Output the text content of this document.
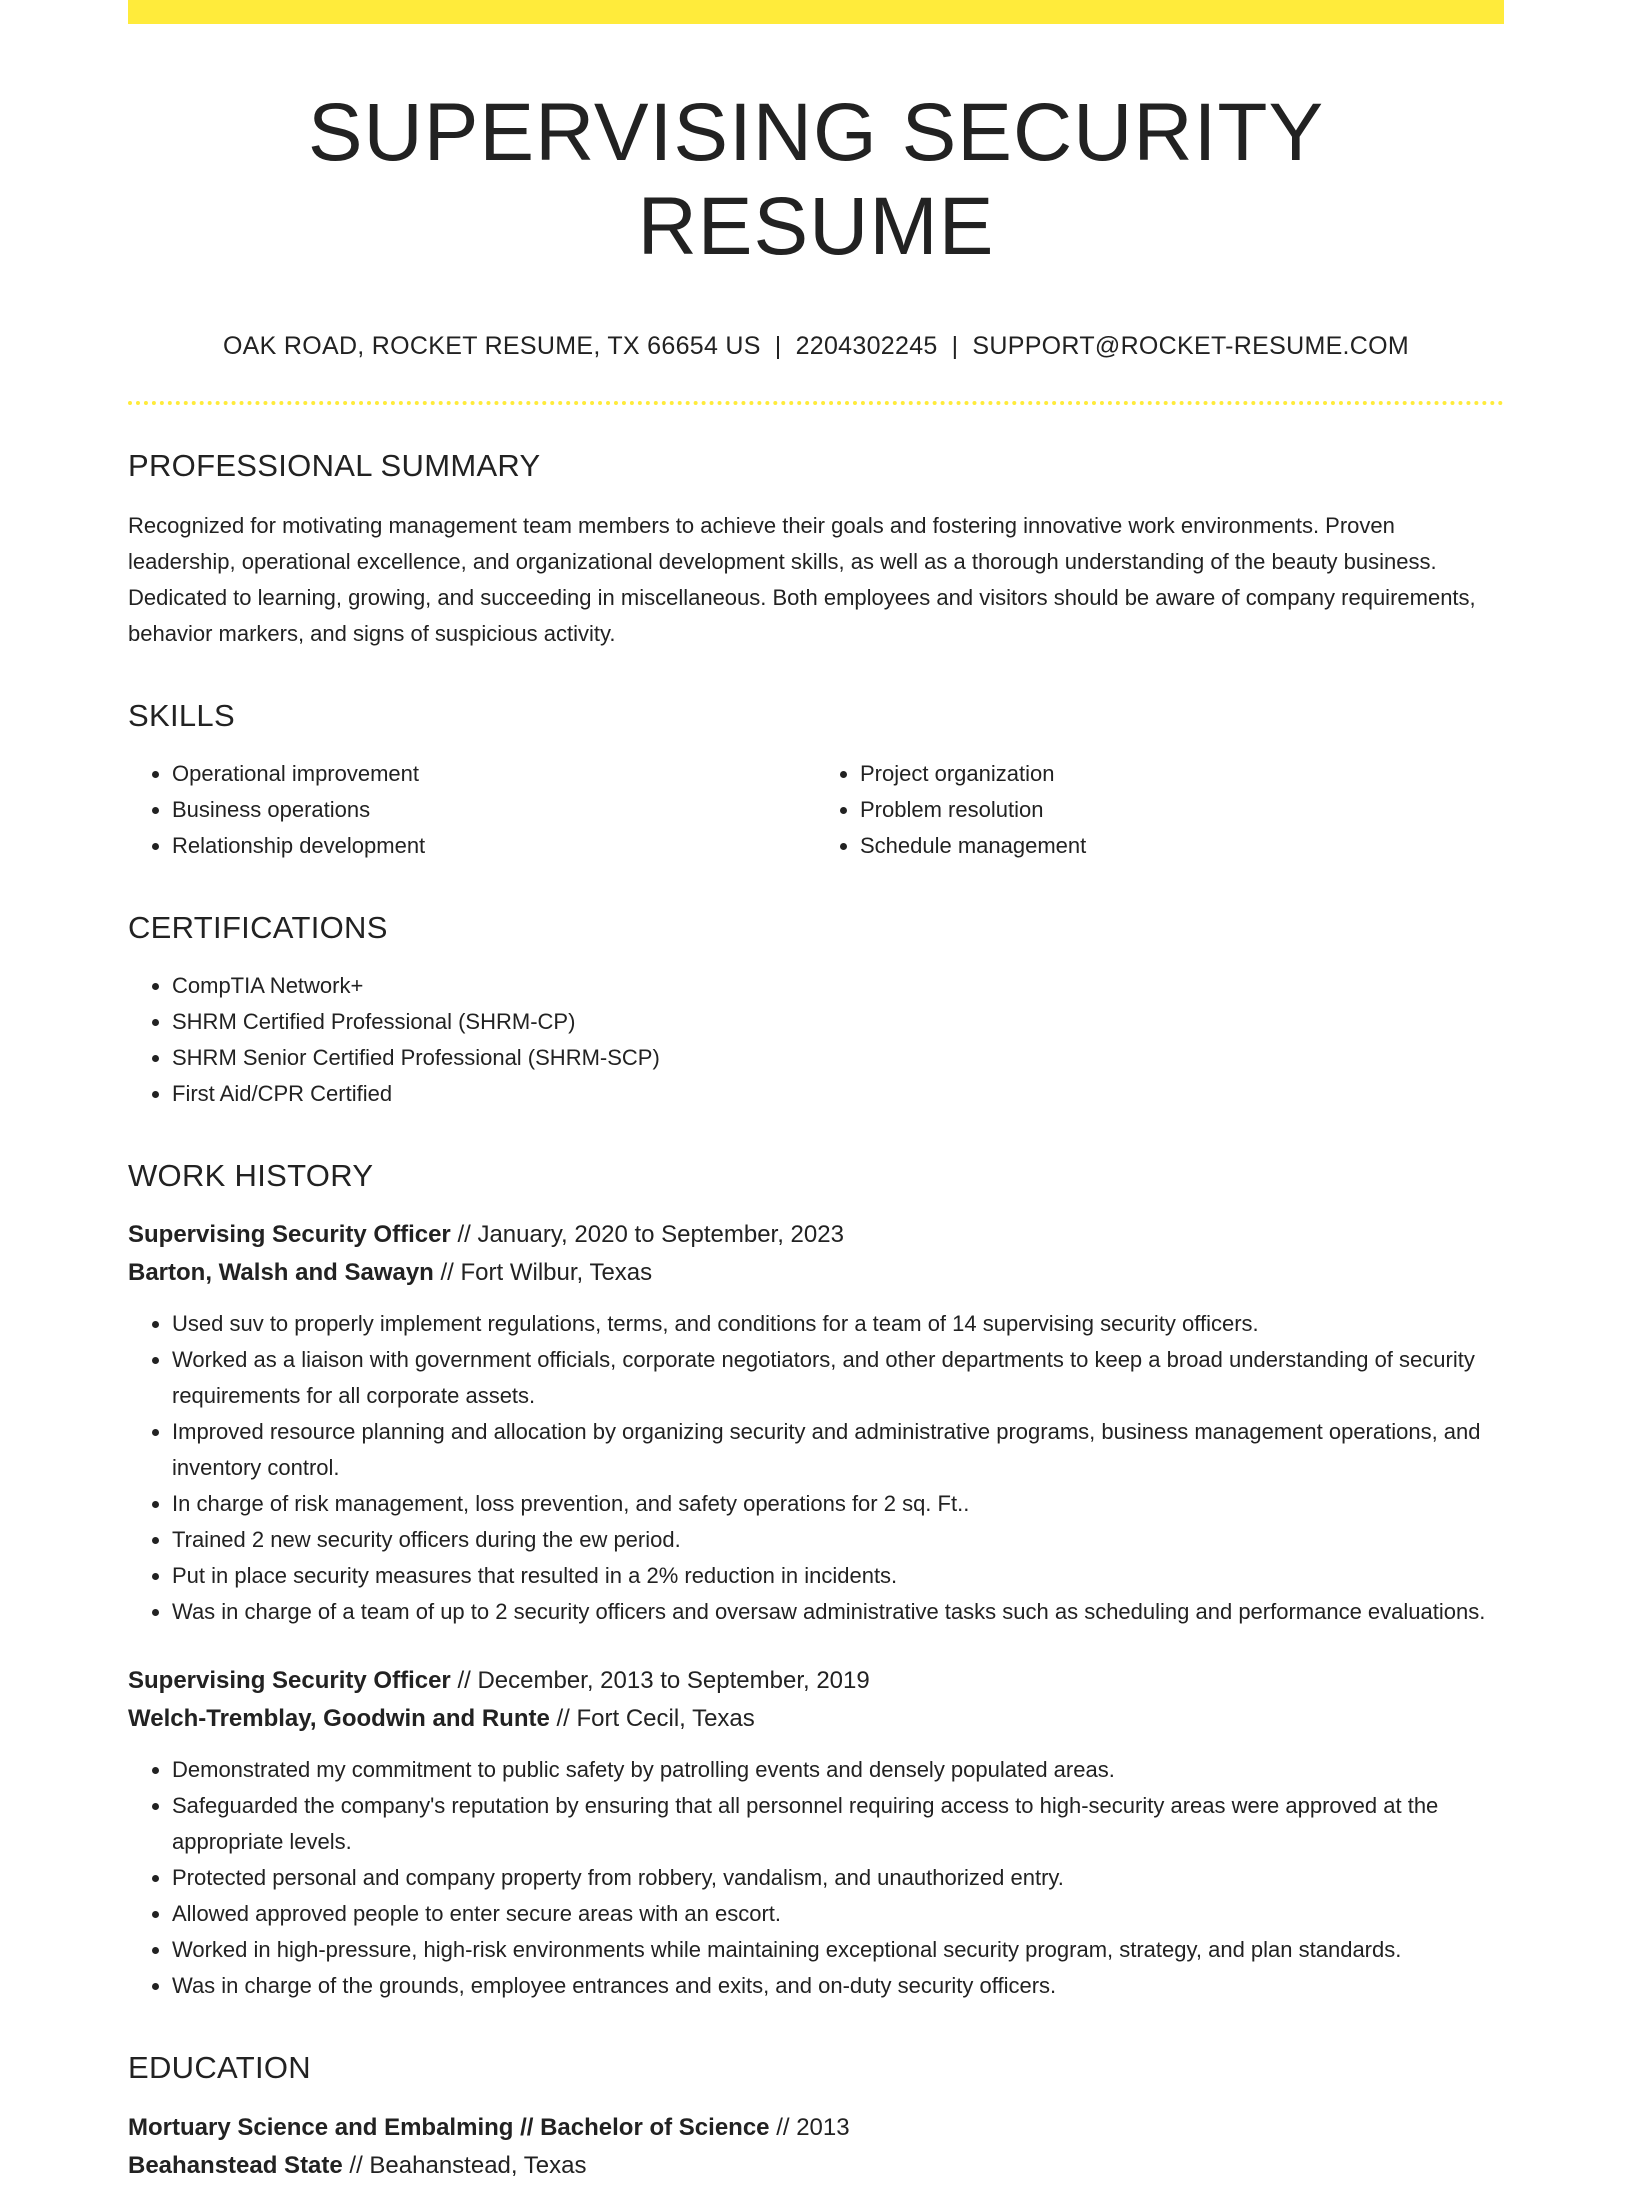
SUPERVISING SECURITY RESUME
OAK ROAD, ROCKET RESUME, TX 66654 US | 2204302245 | SUPPORT@ROCKET-RESUME.COM
PROFESSIONAL SUMMARY
Recognized for motivating management team members to achieve their goals and fostering innovative work environments. Proven leadership, operational excellence, and organizational development skills, as well as a thorough understanding of the beauty business. Dedicated to learning, growing, and succeeding in miscellaneous. Both employees and visitors should be aware of company requirements, behavior markers, and signs of suspicious activity.
SKILLS
• Operational improvement
• Business operations
• Relationship development
• Project organization
• Problem resolution
• Schedule management
CERTIFICATIONS
• CompTIA Network+
• SHRM Certified Professional (SHRM-CP)
• SHRM Senior Certified Professional (SHRM-SCP)
• First Aid/CPR Certified
WORK HISTORY
Supervising Security Officer // January, 2020 to September, 2023
Barton, Walsh and Sawayn // Fort Wilbur, Texas
• Used suv to properly implement regulations, terms, and conditions for a team of 14 supervising security officers.
• Worked as a liaison with government officials, corporate negotiators, and other departments to keep a broad understanding of security requirements for all corporate assets.
• Improved resource planning and allocation by organizing security and administrative programs, business management operations, and inventory control.
• In charge of risk management, loss prevention, and safety operations for 2 sq. Ft..
• Trained 2 new security officers during the ew period.
• Put in place security measures that resulted in a 2% reduction in incidents.
• Was in charge of a team of up to 2 security officers and oversaw administrative tasks such as scheduling and performance evaluations.
Supervising Security Officer // December, 2013 to September, 2019
Welch-Tremblay, Goodwin and Runte // Fort Cecil, Texas
• Demonstrated my commitment to public safety by patrolling events and densely populated areas.
• Safeguarded the company's reputation by ensuring that all personnel requiring access to high-security areas were approved at the appropriate levels.
• Protected personal and company property from robbery, vandalism, and unauthorized entry.
• Allowed approved people to enter secure areas with an escort.
• Worked in high-pressure, high-risk environments while maintaining exceptional security program, strategy, and plan standards.
• Was in charge of the grounds, employee entrances and exits, and on-duty security officers.
EDUCATION
Mortuary Science and Embalming // Bachelor of Science // 2013
Beahanstead State // Beahanstead, Texas
